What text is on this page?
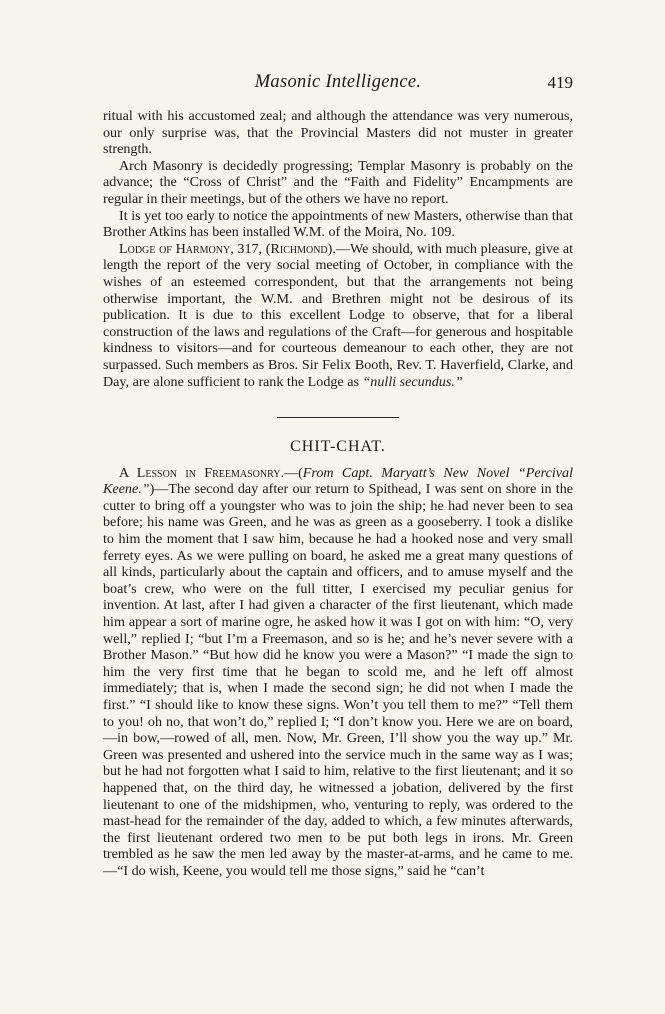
Masonic Intelligence.	419

ritual with his accustomed zeal; and although the attendance was very numerous, our only surprise was, that the Provincial Masters did not muster in greater strength.

Arch Masonry is decidedly progressing; Templar Masonry is probably on the advance; the “Cross of Christ” and the “Faith and Fidelity” Encampments are regular in their meetings, but of the others we have no report.

It is yet too early to notice the appointments of new Masters, otherwise than that Brother Atkins has been installed W.M. of the Moira, No. 109.

Lodge of Harmony, 317, (Richmond).—We should, with much pleasure, give at length the report of the very social meeting of October, in compliance with the wishes of an esteemed correspondent, but that the arrangements not being otherwise important, the W.M. and Brethren might not be desirous of its publication. It is due to this excellent Lodge to observe, that for a liberal construction of the laws and regulations of the Craft—for generous and hospitable kindness to visitors—and for courteous demeanour to each other, they are not surpassed. Such members as Bros. Sir Felix Booth, Rev. T. Haverfield, Clarke, and Day, are alone sufficient to rank the Lodge as “nulli secundus.”

CHIT-CHAT.

A Lesson in Freemasonry.—(From Capt. Maryatt’s New Novel “Percival Keene.”)—The second day after our return to Spithead, I was sent on shore in the cutter to bring off a youngster who was to join the ship; he had never been to sea before; his name was Green, and he was as green as a gooseberry. I took a dislike to him the moment that I saw him, because he had a hooked nose and very small ferrety eyes. As we were pulling on board, he asked me a great many questions of all kinds, particularly about the captain and officers, and to amuse myself and the boat’s crew, who were on the full titter, I exercised my peculiar genius for invention. At last, after I had given a character of the first lieutenant, which made him appear a sort of marine ogre, he asked how it was I got on with him: “O, very well,” replied I; “but I’m a Freemason, and so is he; and he’s never severe with a Brother Mason.” “But how did he know you were a Mason?” “I made the sign to him the very first time that he began to scold me, and he left off almost immediately; that is, when I made the second sign; he did not when I made the first.” “I should like to know these signs. Won’t you tell them to me?” “Tell them to you! oh no, that won’t do,” replied I; “I don’t know you. Here we are on board,—in bow,—rowed of all, men. Now, Mr. Green, I’ll show you the way up.” Mr. Green was presented and ushered into the service much in the same way as I was; but he had not forgotten what I said to him, relative to the first lieutenant; and it so happened that, on the third day, he witnessed a jobation, delivered by the first lieutenant to one of the midshipmen, who, venturing to reply, was ordered to the mast-head for the remainder of the day, added to which, a few minutes afterwards, the first lieutenant ordered two men to be put both legs in irons. Mr. Green trembled as he saw the men led away by the master-at-arms, and he came to me. —“I do wish, Keene, you would tell me those signs,” said he “can’t
